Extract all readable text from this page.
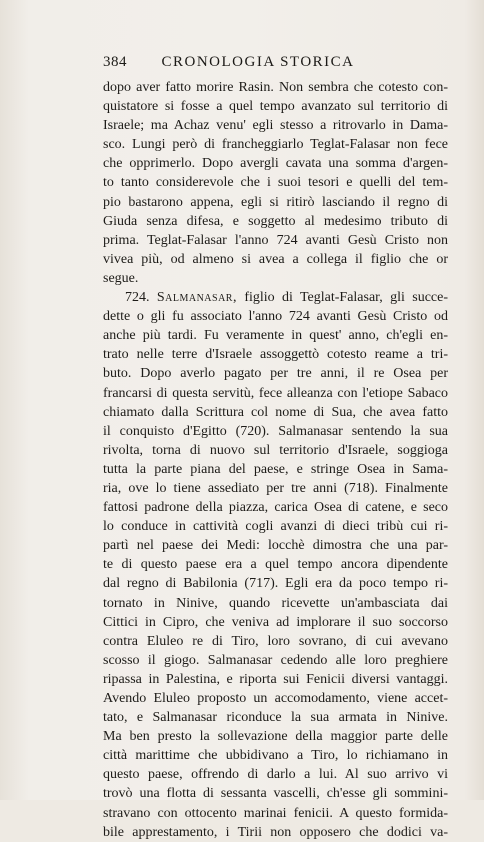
384	CRONOLOGIA STORICA
dopo aver fatto morire Rasin. Non sembra che cotesto con-
quistatore si fosse a quel tempo avanzato sul territorio di
Israele; ma Achaz venu' egli stesso a ritrovarlo in Dama-
sco. Lungi però di francheggiarlo Teglat-Falasar non fece
che opprimerlo. Dopo avergli cavata una somma d'argen-
to tanto considerevole che i suoi tesori e quelli del tem-
pio bastarono appena, egli si ritirò lasciando il regno di
Giuda senza difesa, e soggetto al medesimo tributo di
prima. Teglat-Falasar l'anno 724 avanti Gesù Cristo non
vivea più, od almeno si avea a collega il figlio che or
segue.
724. Salmanasar, figlio di Teglat-Falasar, gli succe-
dette o gli fu associato l'anno 724 avanti Gesù Cristo od
anche più tardi. Fu veramente in quest' anno, ch'egli en-
trato nelle terre d'Israele assoggettò cotesto reame a tri-
buto. Dopo averlo pagato per tre anni, il re Osea per
francarsi di questa servitù, fece alleanza con l'etiope Sabaco
chiamato dalla Scrittura col nome di Sua, che avea fatto
il conquisto d'Egitto (720). Salmanasar sentendo la sua
rivolta, torna di nuovo sul territorio d'Israele, soggioga
tutta la parte piana del paese, e stringe Osea in Sama-
ria, ove lo tiene assediato per tre anni (718). Finalmente
fattosi padrone della piazza, carica Osea di catene, e seco
lo conduce in cattività cogli avanzi di dieci tribù cui ri-
partì nel paese dei Medi: locchè dimostra che una par-
te di questo paese era a quel tempo ancora dipendente
dal regno di Babilonia (717). Egli era da poco tempo ri-
tornato in Ninive, quando ricevette un'ambasciata dai
Cittici in Cipro, che veniva ad implorare il suo soccorso
contra Eluleo re di Tiro, loro sovrano, di cui avevano
scosso il giogo. Salmanasar cedendo alle loro preghiere
ripassa in Palestina, e riporta sui Fenicii diversi vantaggi.
Avendo Eluleo proposto un accomodamento, viene accet-
tato, e Salmanasar riconduce la sua armata in Ninive.
Ma ben presto la sollevazione della maggior parte delle
città marittime che ubbidivano a Tiro, lo richiamano in
questo paese, offrendo di darlo a lui. Al suo arrivo vi
trovò una flotta di sessanta vascelli, ch'esse gli sommini-
stravano con ottocento marinai fenicii. A questo formida-
bile apprestamento, i Tirii non opposero che dodici va-
